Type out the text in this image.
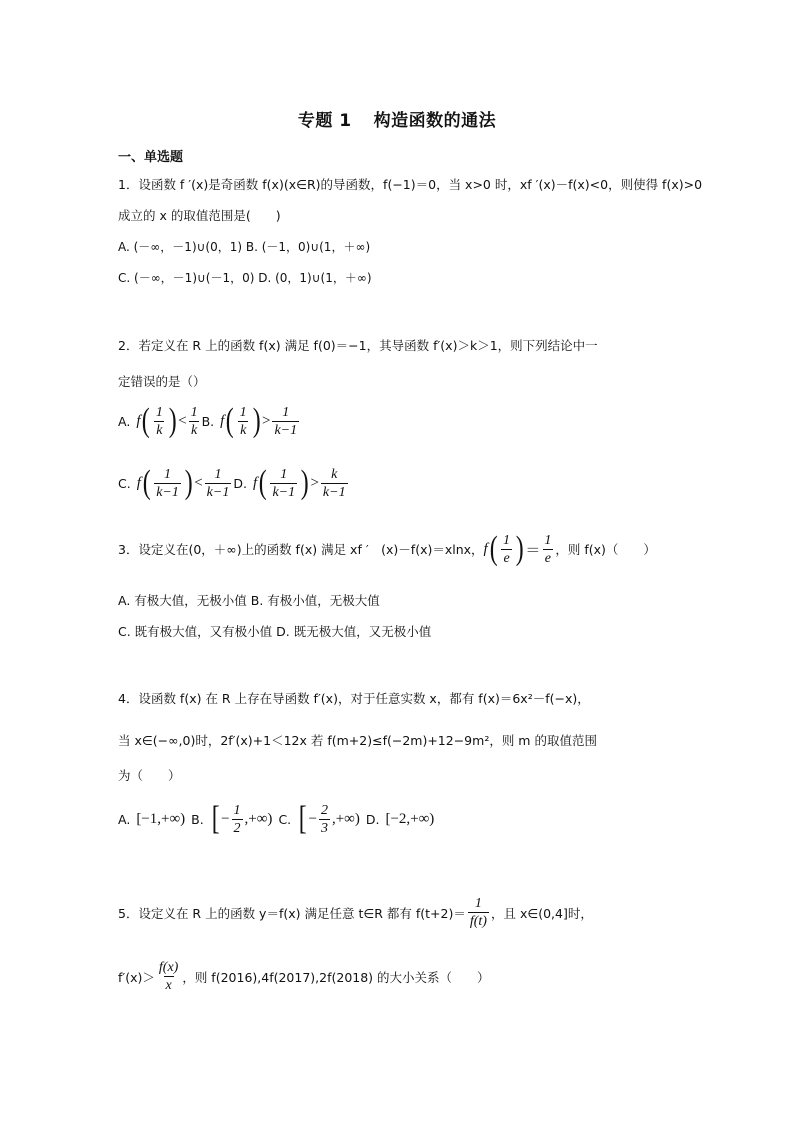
专题 1 构造函数的通法
一、单选题
1．设函数 f ′(x)是奇函数 f(x)(x∈R)的导函数，f(−1)＝0，当 x>0 时，xf ′(x)－f(x)<0，则使得 f(x)>0
成立的 x 的取值范围是(　　)
A. (－∞，－1)∪(0，1) B. (－1，0)∪(1，＋∞)
C. (－∞，－1)∪(－1，0) D. (0，1)∪(1，＋∞)
2．若定义在 R 上的函数 f(x) 满足 f(0)＝−1，其导函数 f′(x)＞k＞1，则下列结论中一
定错误的是（）
A. f ( $\frac{1}{k}$ ) < $\frac{1}{k} B$. f ( $\frac{1}{k}$ ) > $\frac{1}{k-1}$
C. f ( $\frac{1}{k-1}$ ) < $\frac{1}{k-1} D$. f ( $\frac{1}{k-1}$ ) > $\frac{k}{k-1}$
3．设定义在(0，＋∞)上的函数 f(x) 满足 xf ′　(x)－f(x)＝xlnx， f ( $\frac{1}{e}$ ) ＝ $\frac{1}{e}$ ，则 f(x)（　　）
A. 有极大值，无极小值 B. 有极小值，无极大值
C. 既有极大值，又有极小值 D. 既无极大值，又无极小值
4．设函数 f(x) 在 R 上存在导函数 f′(x)，对于任意实数 x，都有 f(x)＝6x²－f(−x)，
当 x∈(−∞,0)时，2f′(x)+1＜12x 若 f(m+2)≤f(−2m)+12−9m²，则 m 的取值范围
为（　　）
A. [−1,+∞) B. [ − $\frac{1}{2}$ ,+∞) C. [ − $\frac{2}{3}$ ,+∞) D. [−2,+∞)
5．设定义在 R 上的函数 y＝f(x) 满足任意 t∈R 都有 $f(t+2)= \frac{1}{f(t)}$ ，且 x∈(0,4]时，
$f'(x)> \frac{f(x)}{x}$ ，则 f(2016),4f(2017),2f(2018) 的大小关系（　　）
